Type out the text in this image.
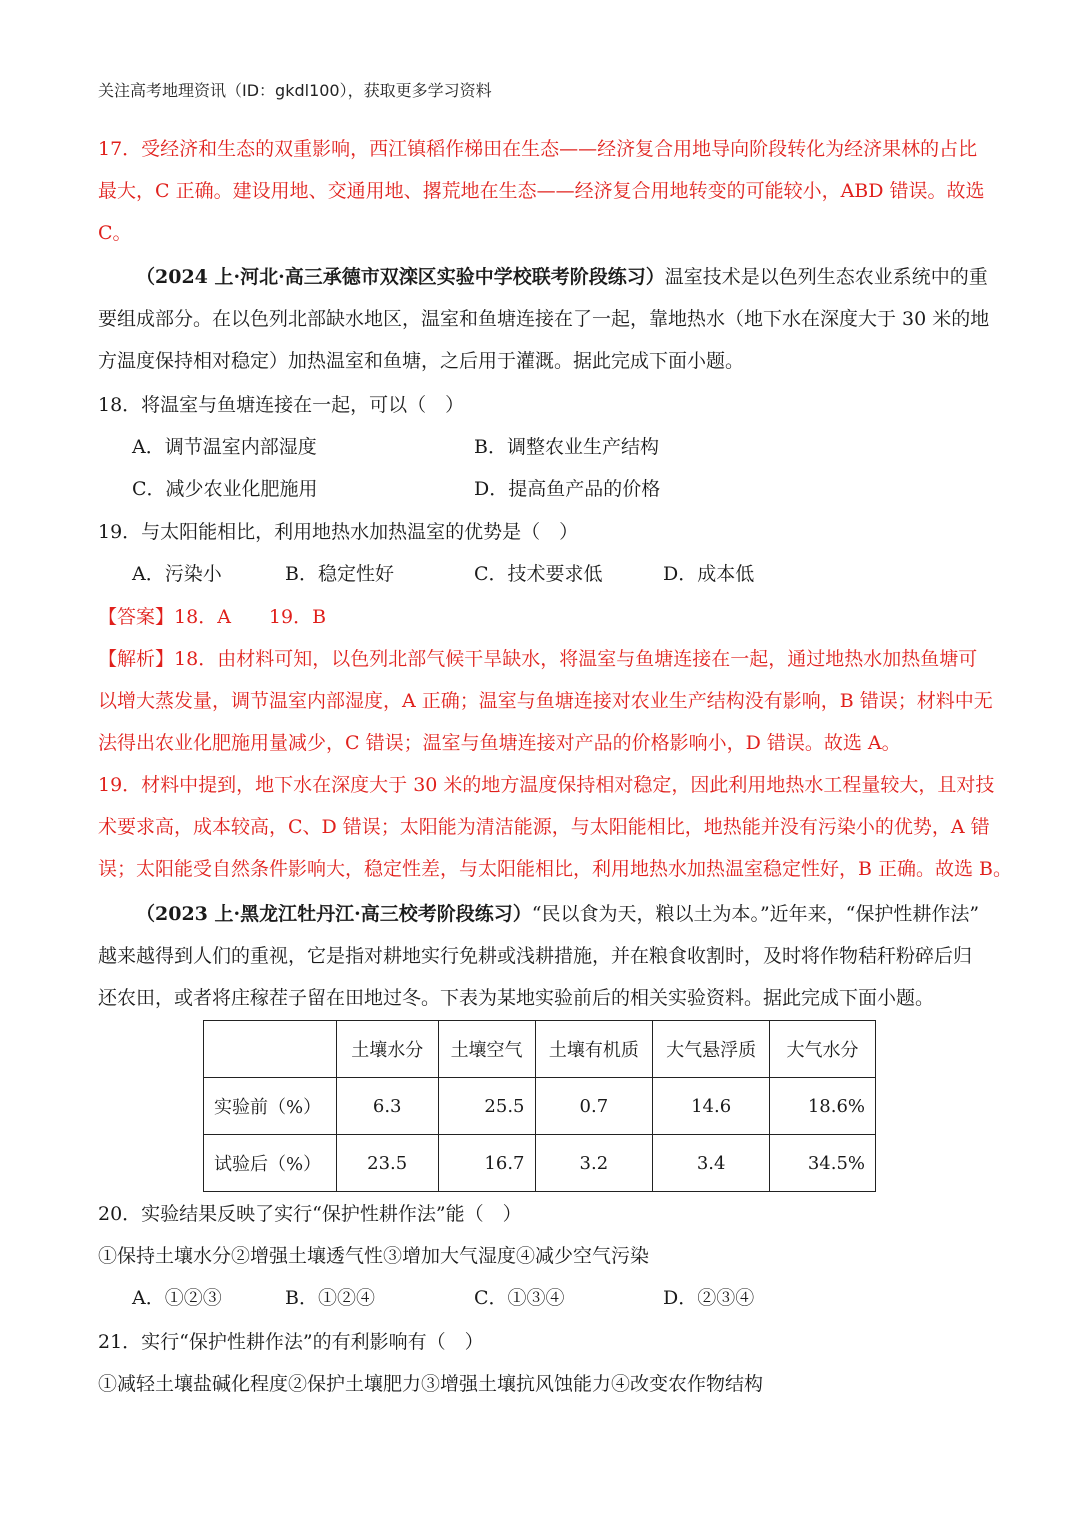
关注高考地理资讯（ID：gkdl100），获取更多学习资料

17．受经济和生态的双重影响，西江镇稻作梯田在生态——经济复合用地导向阶段转化为经济果林的占比

最大，C 正确。建设用地、交通用地、撂荒地在生态——经济复合用地转变的可能较小，ABD 错误。故选

C。

（2024 上·河北·高三承德市双滦区实验中学校联考阶段练习）温室技术是以色列生态农业系统中的重

要组成部分。在以色列北部缺水地区，温室和鱼塘连接在了一起，靠地热水（地下水在深度大于 30 米的地

方温度保持相对稳定）加热温室和鱼塘，之后用于灌溉。据此完成下面小题。

18．将温室与鱼塘连接在一起，可以（　）

A．调节温室内部湿度	B．调整农业生产结构
C．减少农业化肥施用	D．提高鱼产品的价格

19．与太阳能相比，利用地热水加热温室的优势是（　）

A．污染小	B．稳定性好	C．技术要求低	D．成本低

【答案】18．A　　19．B

【解析】18．由材料可知，以色列北部气候干旱缺水，将温室与鱼塘连接在一起，通过地热水加热鱼塘可

以增大蒸发量，调节温室内部湿度，A 正确；温室与鱼塘连接对农业生产结构没有影响，B 错误；材料中无

法得出农业化肥施用量减少，C 错误；温室与鱼塘连接对产品的价格影响小，D 错误。故选 A。

19．材料中提到，地下水在深度大于 30 米的地方温度保持相对稳定，因此利用地热水工程量较大，且对技

术要求高，成本较高，C、D 错误；太阳能为清洁能源，与太阳能相比，地热能并没有污染小的优势，A 错

误；太阳能受自然条件影响大，稳定性差，与太阳能相比，利用地热水加热温室稳定性好，B 正确。故选 B。

（2023 上·黑龙江牡丹江·高三校考阶段练习）“民以食为天，粮以土为本。”近年来，“保护性耕作法”

越来越得到人们的重视，它是指对耕地实行免耕或浅耕措施，并在粮食收割时，及时将作物秸秆粉碎后归

还农田，或者将庄稼茬子留在田地过冬。下表为某地实验前后的相关实验资料。据此完成下面小题。

	土壤水分	土壤空气	土壤有机质	大气悬浮质	大气水分
实验前（%）	6.3	25.5	0.7	14.6	18.6%
试验后（%）	23.5	16.7	3.2	3.4	34.5%

20．实验结果反映了实行“保护性耕作法”能（　）

①保持土壤水分②增强土壤透气性③增加大气湿度④减少空气污染

A．①②③	B．①②④	C．①③④	D．②③④

21．实行“保护性耕作法”的有利影响有（　）

①减轻土壤盐碱化程度②保护土壤肥力③增强土壤抗风蚀能力④改变农作物结构
